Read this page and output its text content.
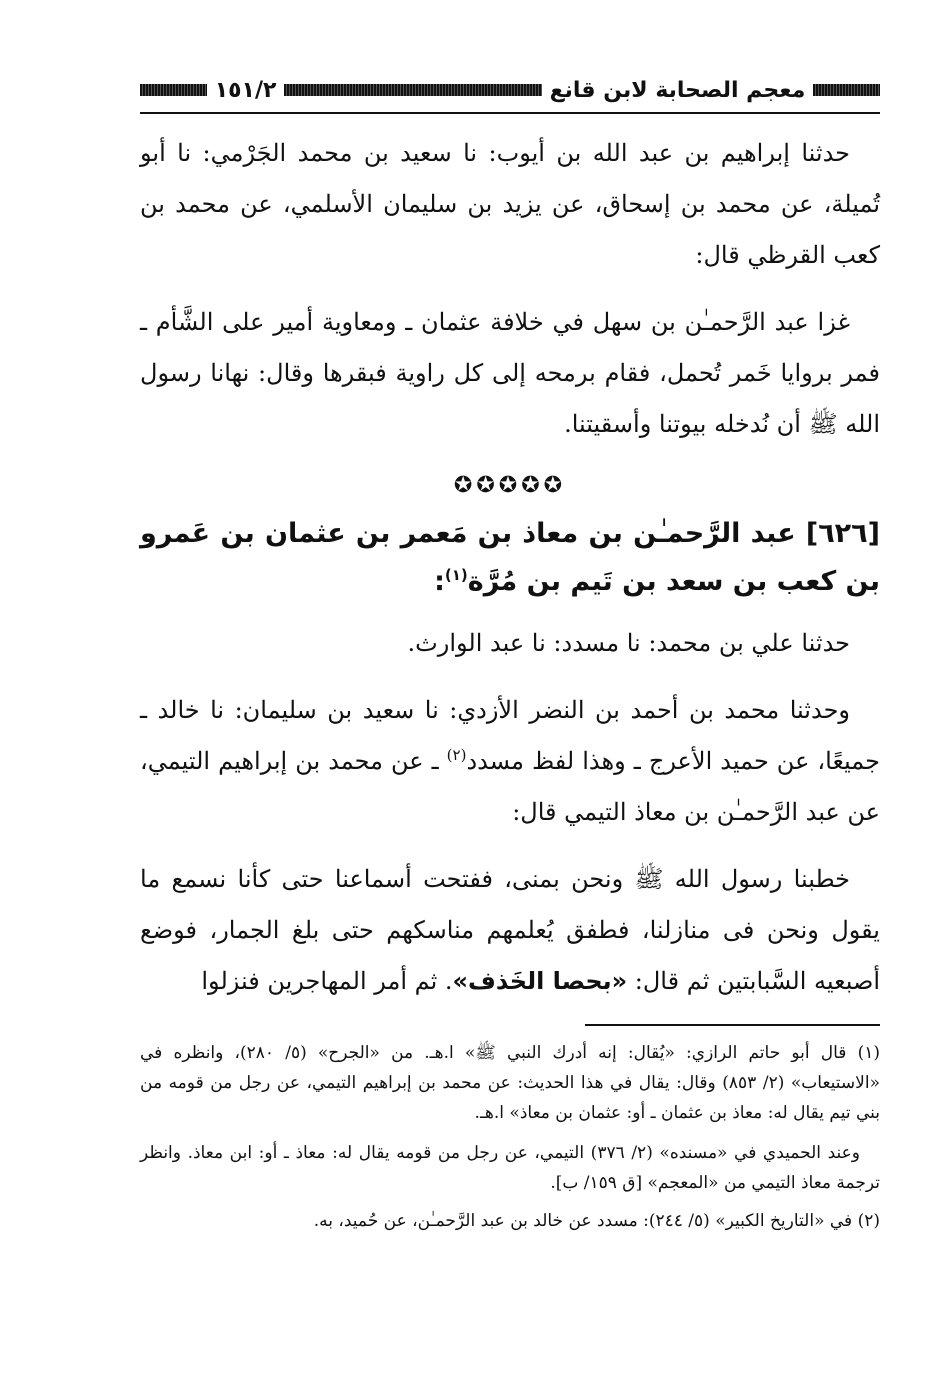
معجم الصحابة لابن قانع
١٥١/٢

حدثنا إبراهيم بن عبد الله بن أيوب: نا سعيد بن محمد الجَرْمي: نا أبو تُميلة، عن محمد بن إسحاق، عن يزيد بن سليمان الأسلمي، عن محمد بن كعب القرظي قال:

غزا عبد الرَّحمـٰن بن سهل في خلافة عثمان ـ ومعاوية أمير على الشَّأم ـ فمر بروايا خَمر تُحمل، فقام برمحه إلى كل راوية فبقرها وقال: نهانا رسول الله ﷺ أن نُدخله بيوتنا وأسقيتنا.

✪✪✪✪✪

[٦٢٦] عبد الرَّحمـٰن بن معاذ بن مَعمر بن عثمان بن عَمرو بن كعب بن سعد بن تَيم بن مُرَّة$^{(١)}$:

حدثنا علي بن محمد: نا مسدد: نا عبد الوارث.

وحدثنا محمد بن أحمد بن النضر الأزدي: نا سعيد بن سليمان: نا خالد ـ جميعًا، عن حميد الأعرج ـ وهذا لفظ مسدد$^{(٢)}$ ـ عن محمد بن إبراهيم التيمي، عن عبد الرَّحمـٰن بن معاذ التيمي قال:

خطبنا رسول الله ﷺ ونحن بمنى، ففتحت أسماعنا حتى كأنا نسمع ما يقول ونحن فى منازلنا، فطفق يُعلمهم مناسكهم حتى بلغ الجمار، فوضع أصبعيه السَّبابتين ثم قال: «بحصا الخَذف». ثم أمر المهاجرين فنزلوا

(١) قال أبو حاتم الرازي: «يُقال: إنه أدرك النبي ﷺ» ا.هـ. من «الجرح» (٥/ ٢٨٠)، وانظره في «الاستيعاب» (٢/ ٨٥٣) وقال: يقال في هذا الحديث: عن محمد بن إبراهيم التيمي، عن رجل من قومه من بني تيم يقال له: معاذ بن عثمان ـ أو: عثمان بن معاذ» ا.هـ.

وعند الحميدي في «مسنده» (٢/ ٣٧٦) التيمي، عن رجل من قومه يقال له: معاذ ـ أو: ابن معاذ. وانظر ترجمة معاذ التيمي من «المعجم» [ق ١٥٩/ ب].

(٢) في «التاريخ الكبير» (٥/ ٢٤٤): مسدد عن خالد بن عبد الرَّحمـٰن، عن حُميد، به.
